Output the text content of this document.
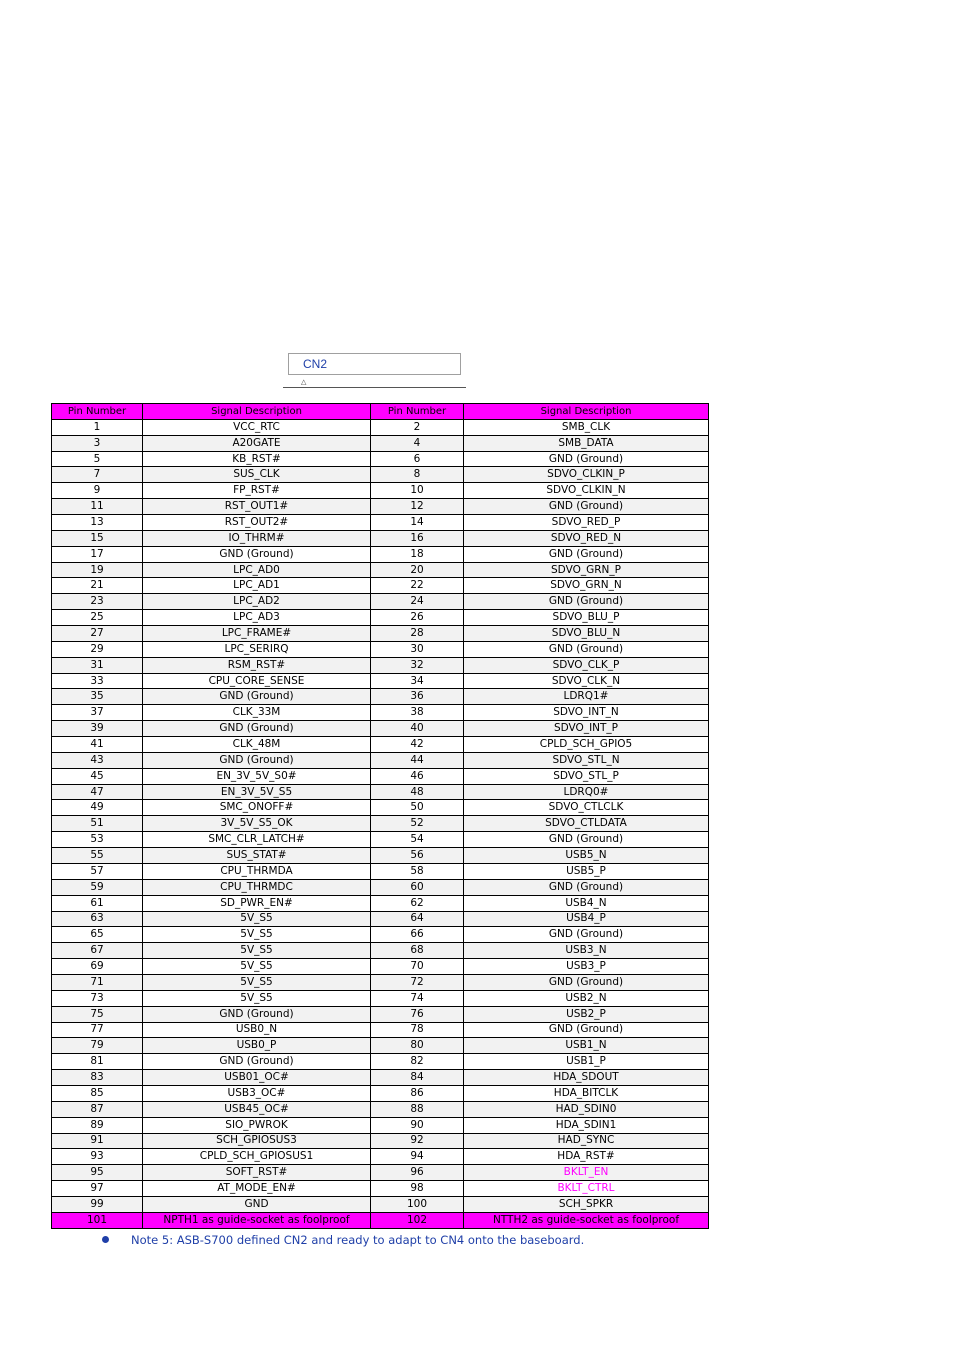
CN2
△
Pin Number	Signal Description	Pin Number	Signal Description
1	VCC_RTC	2	SMB_CLK
3	A20GATE	4	SMB_DATA
5	KB_RST#	6	GND (Ground)
7	SUS_CLK	8	SDVO_CLKIN_P
9	FP_RST#	10	SDVO_CLKIN_N
11	RST_OUT1#	12	GND (Ground)
13	RST_OUT2#	14	SDVO_RED_P
15	IO_THRM#	16	SDVO_RED_N
17	GND (Ground)	18	GND (Ground)
19	LPC_AD0	20	SDVO_GRN_P
21	LPC_AD1	22	SDVO_GRN_N
23	LPC_AD2	24	GND (Ground)
25	LPC_AD3	26	SDVO_BLU_P
27	LPC_FRAME#	28	SDVO_BLU_N
29	LPC_SERIRQ	30	GND (Ground)
31	RSM_RST#	32	SDVO_CLK_P
33	CPU_CORE_SENSE	34	SDVO_CLK_N
35	GND (Ground)	36	LDRQ1#
37	CLK_33M	38	SDVO_INT_N
39	GND (Ground)	40	SDVO_INT_P
41	CLK_48M	42	CPLD_SCH_GPIO5
43	GND (Ground)	44	SDVO_STL_N
45	EN_3V_5V_S0#	46	SDVO_STL_P
47	EN_3V_5V_S5	48	LDRQ0#
49	SMC_ONOFF#	50	SDVO_CTLCLK
51	3V_5V_S5_OK	52	SDVO_CTLDATA
53	SMC_CLR_LATCH#	54	GND (Ground)
55	SUS_STAT#	56	USB5_N
57	CPU_THRMDA	58	USB5_P
59	CPU_THRMDC	60	GND (Ground)
61	SD_PWR_EN#	62	USB4_N
63	5V_S5	64	USB4_P
65	5V_S5	66	GND (Ground)
67	5V_S5	68	USB3_N
69	5V_S5	70	USB3_P
71	5V_S5	72	GND (Ground)
73	5V_S5	74	USB2_N
75	GND (Ground)	76	USB2_P
77	USB0_N	78	GND (Ground)
79	USB0_P	80	USB1_N
81	GND (Ground)	82	USB1_P
83	USB01_OC#	84	HDA_SDOUT
85	USB3_OC#	86	HDA_BITCLK
87	USB45_OC#	88	HAD_SDIN0
89	SIO_PWROK	90	HDA_SDIN1
91	SCH_GPIOSUS3	92	HAD_SYNC
93	CPLD_SCH_GPIOSUS1	94	HDA_RST#
95	SOFT_RST#	96	BKLT_EN
97	AT_MODE_EN#	98	BKLT_CTRL
99	GND	100	SCH_SPKR
101	NPTH1 as guide-socket as foolproof	102	NTTH2 as guide-socket as foolproof
Note 5: ASB-S700 defined CN2 and ready to adapt to CN4 onto the baseboard.
